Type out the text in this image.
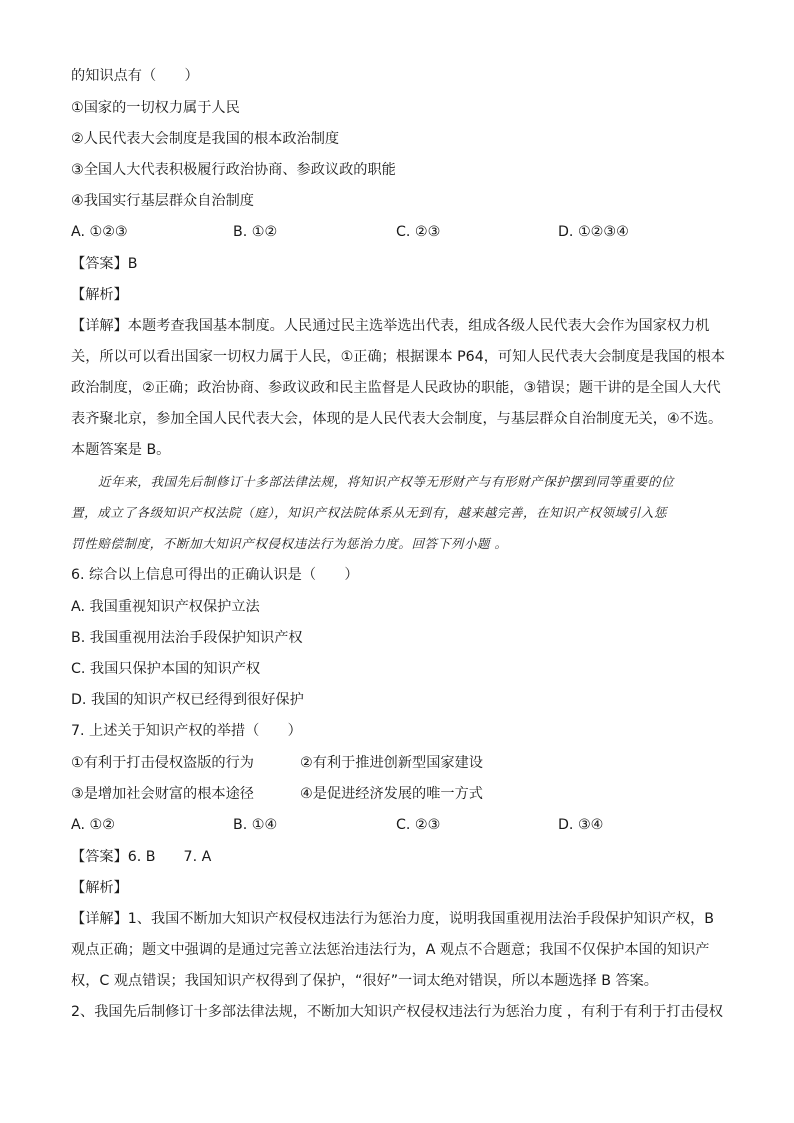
的知识点有（　　）
①国家的一切权力属于人民
②人民代表大会制度是我国的根本政治制度
③全国人大代表积极履行政治协商、参政议政的职能
④我国实行基层群众自治制度
A. ①②③	B. ①②	C. ②③	D. ①②③④
【答案】B
【解析】
【详解】本题考查我国基本制度。人民通过民主选举选出代表，组成各级人民代表大会作为国家权力机
关，所以可以看出国家一切权力属于人民，①正确；根据课本 P64，可知人民代表大会制度是我国的根本
政治制度，②正确；政治协商、参政议政和民主监督是人民政协的职能，③错误；题干讲的是全国人大代
表齐聚北京，参加全国人民代表大会，体现的是人民代表大会制度，与基层群众自治制度无关，④不选。
本题答案是 B。
近年来，我国先后制修订十多部法律法规，将知识产权等无形财产与有形财产保护摆到同等重要的位
置，成立了各级知识产权法院（庭），知识产权法院体系从无到有，越来越完善，在知识产权领域引入惩
罚性赔偿制度，不断加大知识产权侵权违法行为惩治力度。回答下列小题 。
6. 综合以上信息可得出的正确认识是（　　）
A. 我国重视知识产权保护立法
B. 我国重视用法治手段保护知识产权
C. 我国只保护本国的知识产权
D. 我国的知识产权已经得到很好保护
7. 上述关于知识产权的举措（　　）
①有利于打击侵权盗版的行为	②有利于推进创新型国家建设
③是增加社会财富的根本途径	④是促进经济发展的唯一方式
A. ①②	B. ①④	C. ②③	D. ③④
【答案】6. B 7. A
【解析】
【详解】1、我国不断加大知识产权侵权违法行为惩治力度，说明我国重视用法治手段保护知识产权，B
观点正确；题文中强调的是通过完善立法惩治违法行为，A 观点不合题意；我国不仅保护本国的知识产
权，C 观点错误；我国知识产权得到了保护，“很好”一词太绝对错误，所以本题选择 B 答案。
2、我国先后制修订十多部法律法规，不断加大知识产权侵权违法行为惩治力度 ，有利于有利于打击侵权
